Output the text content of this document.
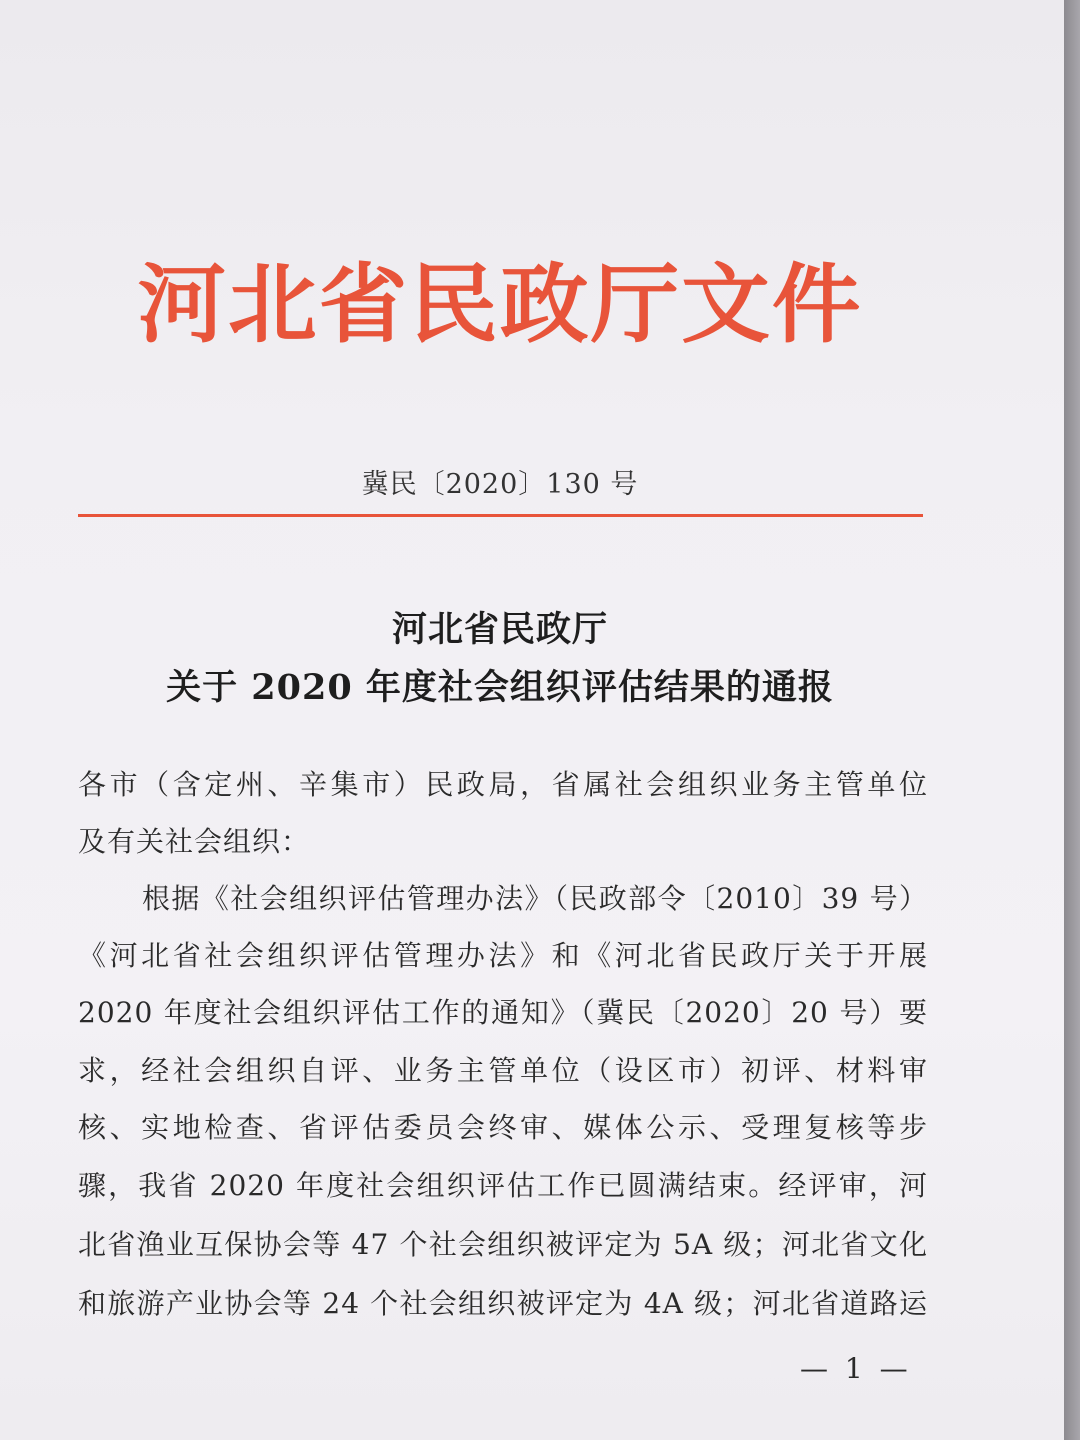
河北省民政厅文件
冀民〔2020〕130 号
河北省民政厅
关于 2020 年度社会组织评估结果的通报
各市（含定州、辛集市）民政局，省属社会组织业务主管单位
及有关社会组织：
根据《社会组织评估管理办法》（民政部令〔2010〕39 号）
《河北省社会组织评估管理办法》和《河北省民政厅关于开展
2020 年度社会组织评估工作的通知》（冀民〔2020〕20 号）要
求，经社会组织自评、业务主管单位（设区市）初评、材料审
核、实地检查、省评估委员会终审、媒体公示、受理复核等步
骤，我省 2020 年度社会组织评估工作已圆满结束。经评审，河
北省渔业互保协会等 47 个社会组织被评定为 5A 级；河北省文化
和旅游产业协会等 24 个社会组织被评定为 4A 级；河北省道路运
— 1 —
